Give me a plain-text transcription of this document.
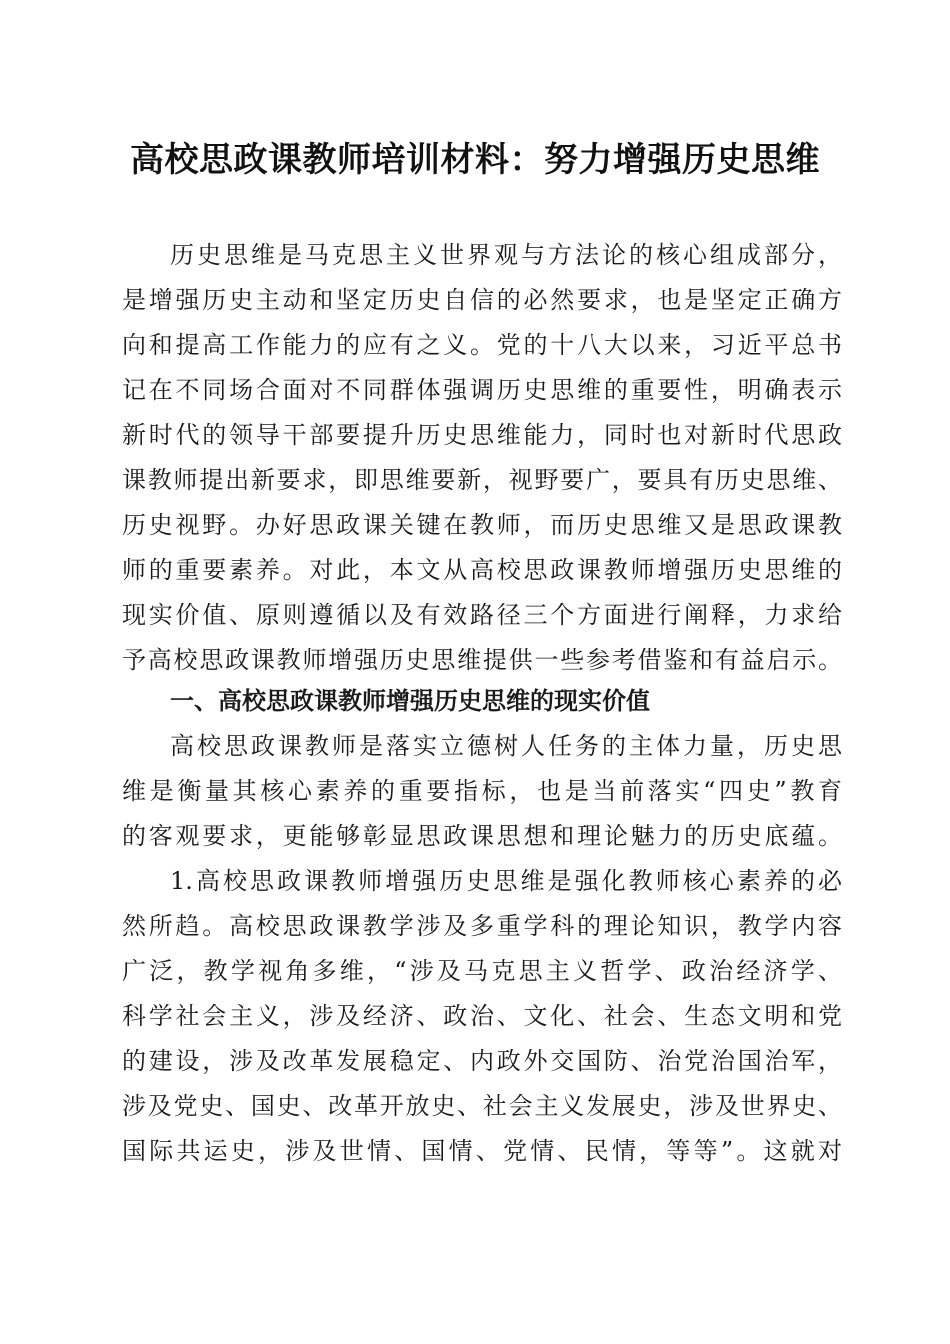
高校思政课教师培训材料：努力增强历史思维
历史思维是马克思主义世界观与方法论的核心组成部分，
是增强历史主动和坚定历史自信的必然要求，也是坚定正确方
向和提高工作能力的应有之义。党的十八大以来，习近平总书
记在不同场合面对不同群体强调历史思维的重要性，明确表示
新时代的领导干部要提升历史思维能力，同时也对新时代思政
课教师提出新要求，即思维要新，视野要广，要具有历史思维、
历史视野。办好思政课关键在教师，而历史思维又是思政课教
师的重要素养。对此，本文从高校思政课教师增强历史思维的
现实价值、原则遵循以及有效路径三个方面进行阐释，力求给
予高校思政课教师增强历史思维提供一些参考借鉴和有益启示。
一、高校思政课教师增强历史思维的现实价值
高校思政课教师是落实立德树人任务的主体力量，历史思
维是衡量其核心素养的重要指标，也是当前落实“四史”教育
的客观要求，更能够彰显思政课思想和理论魅力的历史底蕴。
1.高校思政课教师增强历史思维是强化教师核心素养的必
然所趋。高校思政课教学涉及多重学科的理论知识，教学内容
广泛，教学视角多维，“涉及马克思主义哲学、政治经济学、
科学社会主义，涉及经济、政治、文化、社会、生态文明和党
的建设，涉及改革发展稳定、内政外交国防、治党治国治军，
涉及党史、国史、改革开放史、社会主义发展史，涉及世界史、
国际共运史，涉及世情、国情、党情、民情，等等”。这就对
